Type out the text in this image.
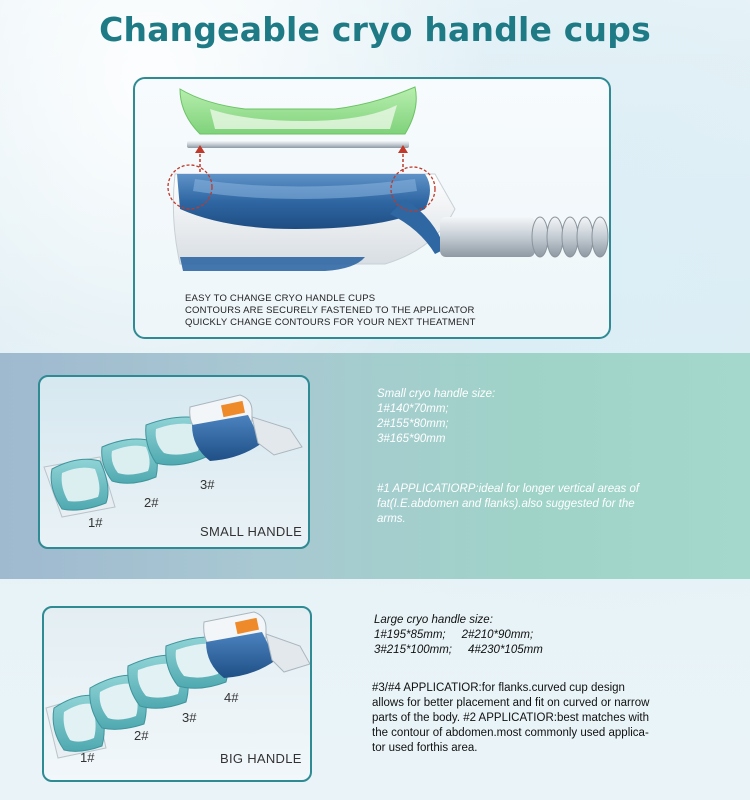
Changeable cryo handle cups
EASY TO CHANGE CRYO HANDLE CUPS
CONTOURS ARE SECURELY FASTENED TO THE APPLICATOR
QUICKLY CHANGE CONTOURS FOR YOUR NEXT THEATMENT
1#
2#
3#
SMALL HANDLE
Small cryo handle size:
1#140*70mm;
2#155*80mm;
3#165*90mm
#1 APPLICATIORP:ideal for longer vertical areas of
fat(I.E.abdomen and flanks).also suggested for the
arms.
1#
2#
3#
4#
BIG HANDLE
Large cryo handle size:
1#195*85mm;     2#210*90mm;
3#215*100mm;     4#230*105mm
#3/#4 APPLICATIOR:for flanks.curved cup design
allows for better placement and fit on curved or narrow
parts of the body. #2 APPLICATIOR:best matches with
the contour of abdomen.most commonly used applica-
tor used forthis area.
